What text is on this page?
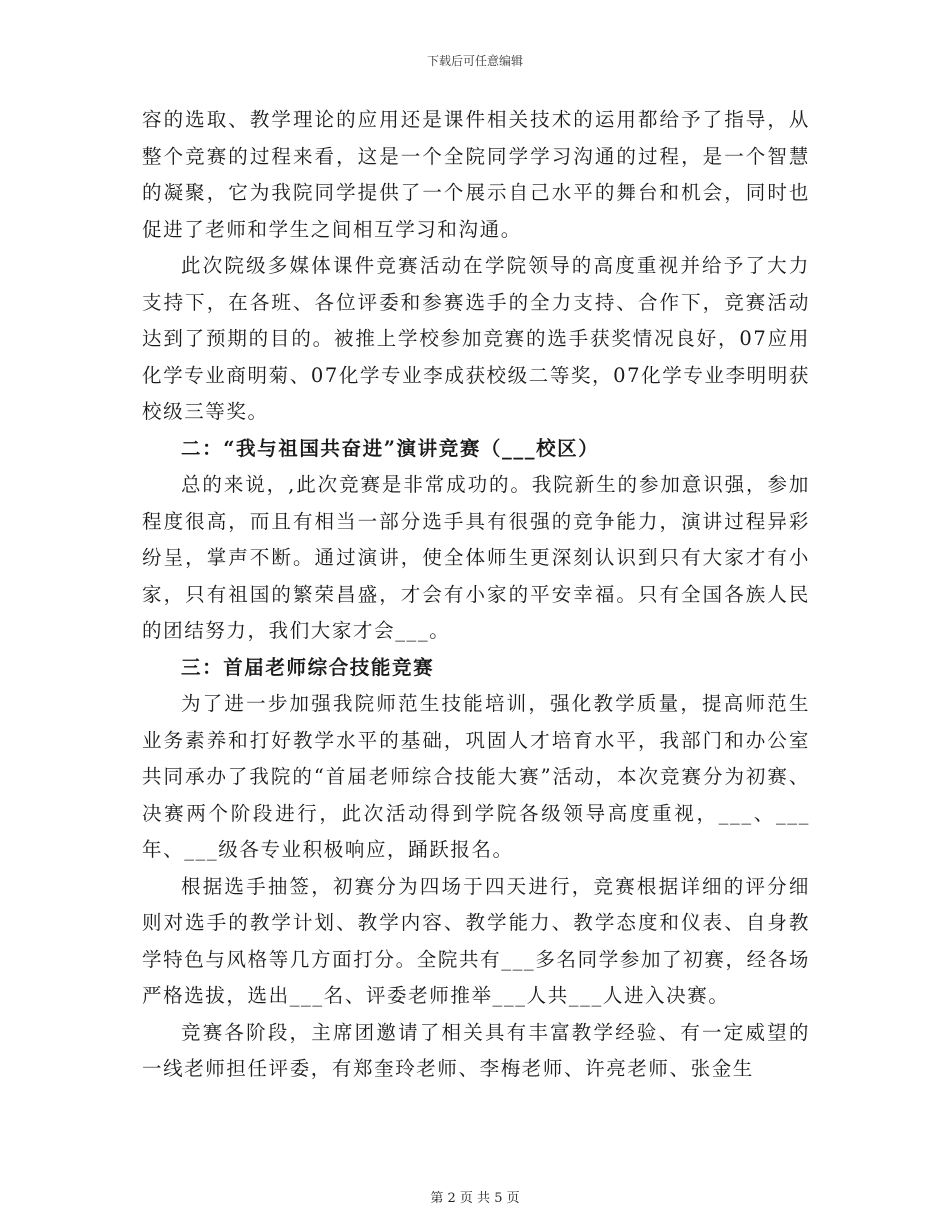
下载后可任意编辑

容的选取、教学理论的应用还是课件相关技术的运用都给予了指导，从整个竞赛的过程来看，这是一个全院同学学习沟通的过程，是一个智慧的凝聚，它为我院同学提供了一个展示自己水平的舞台和机会，同时也促进了老师和学生之间相互学习和沟通。

此次院级多媒体课件竞赛活动在学院领导的高度重视并给予了大力支持下，在各班、各位评委和参赛选手的全力支持、合作下，竞赛活动达到了预期的目的。被推上学校参加竞赛的选手获奖情况良好，07应用化学专业商明菊、07化学专业李成获校级二等奖，07化学专业李明明获校级三等奖。

二：“我与祖国共奋进”演讲竞赛（___校区）

总的来说，,此次竞赛是非常成功的。我院新生的参加意识强，参加程度很高，而且有相当一部分选手具有很强的竞争能力，演讲过程异彩纷呈，掌声不断。通过演讲，使全体师生更深刻认识到只有大家才有小家，只有祖国的繁荣昌盛，才会有小家的平安幸福。只有全国各族人民的团结努力，我们大家才会___。

三：首届老师综合技能竞赛

为了进一步加强我院师范生技能培训，强化教学质量，提高师范生业务素养和打好教学水平的基础，巩固人才培育水平，我部门和办公室共同承办了我院的“首届老师综合技能大赛”活动，本次竞赛分为初赛、决赛两个阶段进行，此次活动得到学院各级领导高度重视，___、___年、___级各专业积极响应，踊跃报名。

根据选手抽签，初赛分为四场于四天进行，竞赛根据详细的评分细则对选手的教学计划、教学内容、教学能力、教学态度和仪表、自身教学特色与风格等几方面打分。全院共有___多名同学参加了初赛，经各场严格选拔，选出___名、评委老师推举___人共___人进入决赛。

竞赛各阶段，主席团邀请了相关具有丰富教学经验、有一定威望的一线老师担任评委，有郑奎玲老师、李梅老师、许亮老师、张金生

第 2 页 共 5 页
